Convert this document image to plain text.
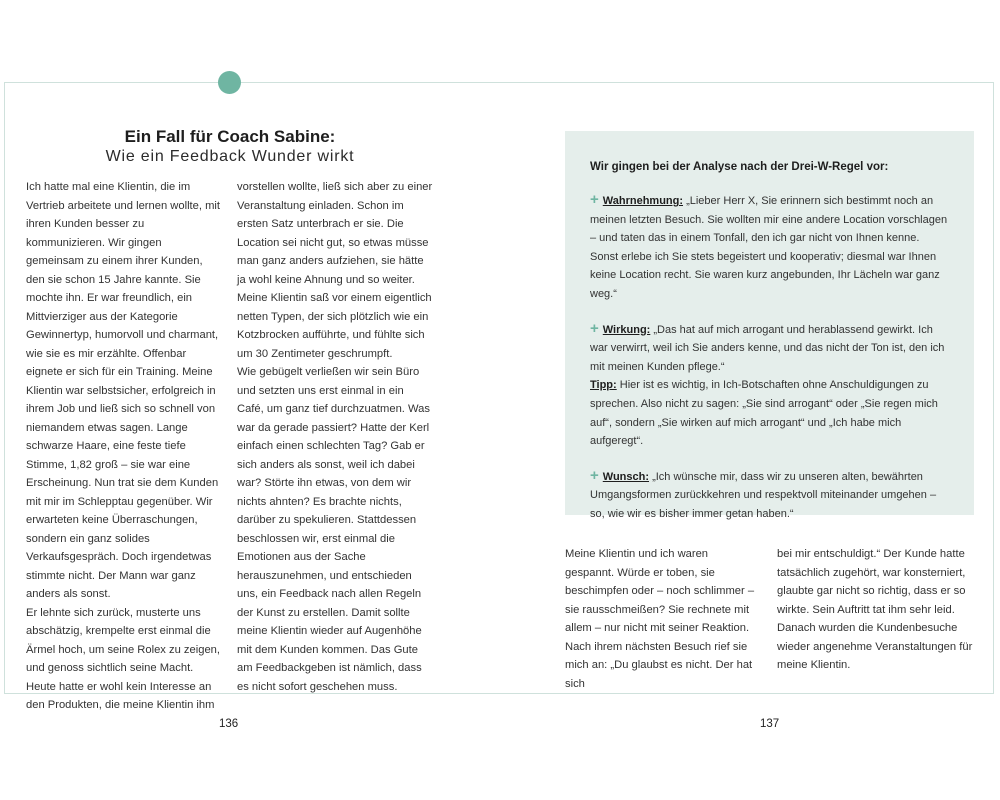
Ein Fall für Coach Sabine:
Wie ein Feedback Wunder wirkt

Ich hatte mal eine Klientin, die im Vertrieb arbeitete und lernen wollte, mit ihren Kunden besser zu kommunizieren. Wir gingen gemeinsam zu einem ihrer Kunden, den sie schon 15 Jahre kannte. Sie mochte ihn. Er war freundlich, ein Mittvierziger aus der Kategorie Gewinnertyp, humorvoll und charmant, wie sie es mir erzählte. Offenbar eignete er sich für ein Training. Meine Klientin war selbstsicher, erfolgreich in ihrem Job und ließ sich so schnell von niemandem etwas sagen. Lange schwarze Haare, eine feste tiefe Stimme, 1,82 groß – sie war eine Erscheinung. Nun trat sie dem Kunden mit mir im Schlepptau gegenüber. Wir erwarteten keine Überraschungen, sondern ein ganz solides Verkaufsgespräch. Doch irgendetwas stimmte nicht. Der Mann war ganz anders als sonst.

Er lehnte sich zurück, musterte uns abschätzig, krempelte erst einmal die Ärmel hoch, um seine Rolex zu zeigen, und genoss sichtlich seine Macht. Heute hatte er wohl kein Interesse an den Produkten, die meine Klientin ihm

vorstellen wollte, ließ sich aber zu einer Veranstaltung einladen. Schon im ersten Satz unterbrach er sie. Die Location sei nicht gut, so etwas müsse man ganz anders aufziehen, sie hätte ja wohl keine Ahnung und so weiter. Meine Klientin saß vor einem eigentlich netten Typen, der sich plötzlich wie ein Kotzbrocken aufführte, und fühlte sich um 30 Zentimeter geschrumpft.

Wie gebügelt verließen wir sein Büro und setzten uns erst einmal in ein Café, um ganz tief durchzuatmen. Was war da gerade passiert? Hatte der Kerl einfach einen schlechten Tag? Gab er sich anders als sonst, weil ich dabei war? Störte ihn etwas, von dem wir nichts ahnten? Es brachte nichts, darüber zu spekulieren. Stattdessen beschlossen wir, erst einmal die Emotionen aus der Sache herauszunehmen, und entschieden uns, ein Feedback nach allen Regeln der Kunst zu erstellen. Damit sollte meine Klientin wieder auf Augenhöhe mit dem Kunden kommen. Das Gute am Feedbackgeben ist nämlich, dass es nicht sofort geschehen muss.

Wir gingen bei der Analyse nach der Drei-W-Regel vor:
+ Wahrnehmung: „Lieber Herr X, Sie erinnern sich bestimmt noch an meinen letzten Besuch. Sie wollten mir eine andere Location vorschlagen – und taten das in einem Tonfall, den ich gar nicht von Ihnen kenne. Sonst erlebe ich Sie stets begeistert und kooperativ; diesmal war Ihnen keine Location recht. Sie waren kurz angebunden, Ihr Lächeln war ganz weg.“
+ Wirkung: „Das hat auf mich arrogant und herablassend gewirkt. Ich war verwirrt, weil ich Sie anders kenne, und das nicht der Ton ist, den ich mit meinen Kunden pflege.“
Tipp: Hier ist es wichtig, in Ich-Botschaften ohne Anschuldigungen zu sprechen. Also nicht zu sagen: „Sie sind arrogant“ oder „Sie regen mich auf“, sondern „Sie wirken auf mich arrogant“ und „Ich habe mich aufgeregt“.
+ Wunsch: „Ich wünsche mir, dass wir zu unseren alten, bewährten Umgangsformen zurückkehren und respektvoll miteinander umgehen – so, wie wir es bisher immer getan haben.“

Meine Klientin und ich waren gespannt. Würde er toben, sie beschimpfen oder – noch schlimmer – sie rausschmeißen? Sie rechnete mit allem – nur nicht mit seiner Reaktion. Nach ihrem nächsten Besuch rief sie mich an: „Du glaubst es nicht. Der hat sich

bei mir entschuldigt.“ Der Kunde hatte tatsächlich zugehört, war konsterniert, glaubte gar nicht so richtig, dass er so wirkte. Sein Auftritt tat ihm sehr leid. Danach wurden die Kundenbesuche wieder angenehme Veranstaltungen für meine Klientin.

136	137
